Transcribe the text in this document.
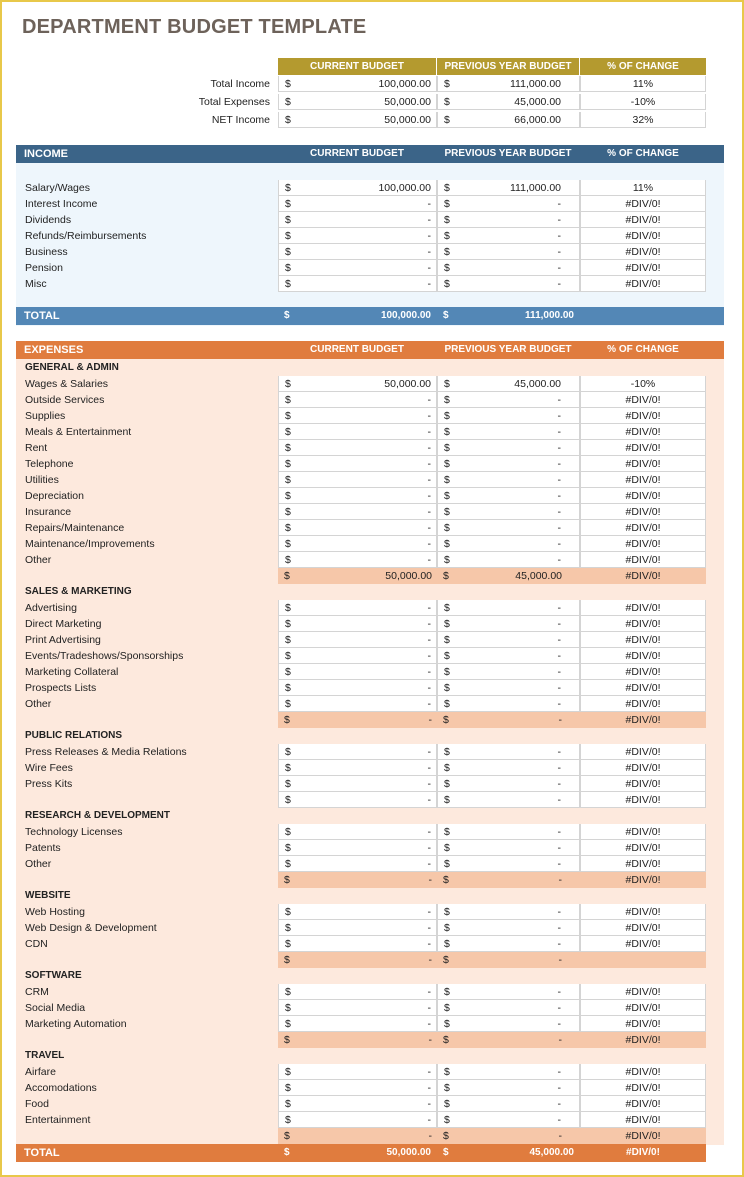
DEPARTMENT BUDGET TEMPLATE
CURRENT BUDGET	PREVIOUS YEAR BUDGET	% OF CHANGE
Total Income $	100,000.00 $	111,000.00	11%
Total Expenses $	50,000.00 $	45,000.00	-10%
NET Income $	50,000.00 $	66,000.00	32%
INCOME	CURRENT BUDGET	PREVIOUS YEAR BUDGET	% OF CHANGE
Salary/Wages	$	100,000.00 $	111,000.00	11%
Interest Income	$	- $	-	#DIV/0!
Dividends	$	- $	-	#DIV/0!
Refunds/Reimbursements	$	- $	-	#DIV/0!
Business	$	- $	-	#DIV/0!
Pension	$	- $	-	#DIV/0!
Misc	$	- $	-	#DIV/0!
TOTAL	$	100,000.00 $	111,000.00
EXPENSES	CURRENT BUDGET	PREVIOUS YEAR BUDGET	% OF CHANGE
GENERAL & ADMIN
Wages & Salaries	$	50,000.00 $	45,000.00	-10%
Outside Services	$	- $	-	#DIV/0!
Supplies	$	- $	-	#DIV/0!
Meals & Entertainment	$	- $	-	#DIV/0!
Rent	$	- $	-	#DIV/0!
Telephone	$	- $	-	#DIV/0!
Utilities	$	- $	-	#DIV/0!
Depreciation	$	- $	-	#DIV/0!
Insurance	$	- $	-	#DIV/0!
Repairs/Maintenance	$	- $	-	#DIV/0!
Maintenance/Improvements	$	- $	-	#DIV/0!
Other	$	- $	-	#DIV/0!
$	50,000.00 $	45,000.00	#DIV/0!
SALES & MARKETING
Advertising	$	- $	-	#DIV/0!
Direct Marketing	$	- $	-	#DIV/0!
Print Advertising	$	- $	-	#DIV/0!
Events/Tradeshows/Sponsorships	$	- $	-	#DIV/0!
Marketing Collateral	$	- $	-	#DIV/0!
Prospects Lists	$	- $	-	#DIV/0!
Other	$	- $	-	#DIV/0!
$	- $	-	#DIV/0!
PUBLIC RELATIONS
Press Releases & Media Relations	$	- $	-	#DIV/0!
Wire Fees	$	- $	-	#DIV/0!
Press Kits	$	- $	-	#DIV/0!
$	- $	-	#DIV/0!
RESEARCH & DEVELOPMENT
Technology Licenses	$	- $	-	#DIV/0!
Patents	$	- $	-	#DIV/0!
Other	$	- $	-	#DIV/0!
$	- $	-	#DIV/0!
WEBSITE
Web Hosting	$	- $	-	#DIV/0!
Web Design & Development	$	- $	-	#DIV/0!
CDN	$	- $	-	#DIV/0!
$	- $	-
SOFTWARE
CRM	$	- $	-	#DIV/0!
Social Media	$	- $	-	#DIV/0!
Marketing Automation	$	- $	-	#DIV/0!
$	- $	-	#DIV/0!
TRAVEL
Airfare	$	- $	-	#DIV/0!
Accomodations	$	- $	-	#DIV/0!
Food	$	- $	-	#DIV/0!
Entertainment	$	- $	-	#DIV/0!
$	- $	-	#DIV/0!
TOTAL	$	50,000.00 $	45,000.00	#DIV/0!
